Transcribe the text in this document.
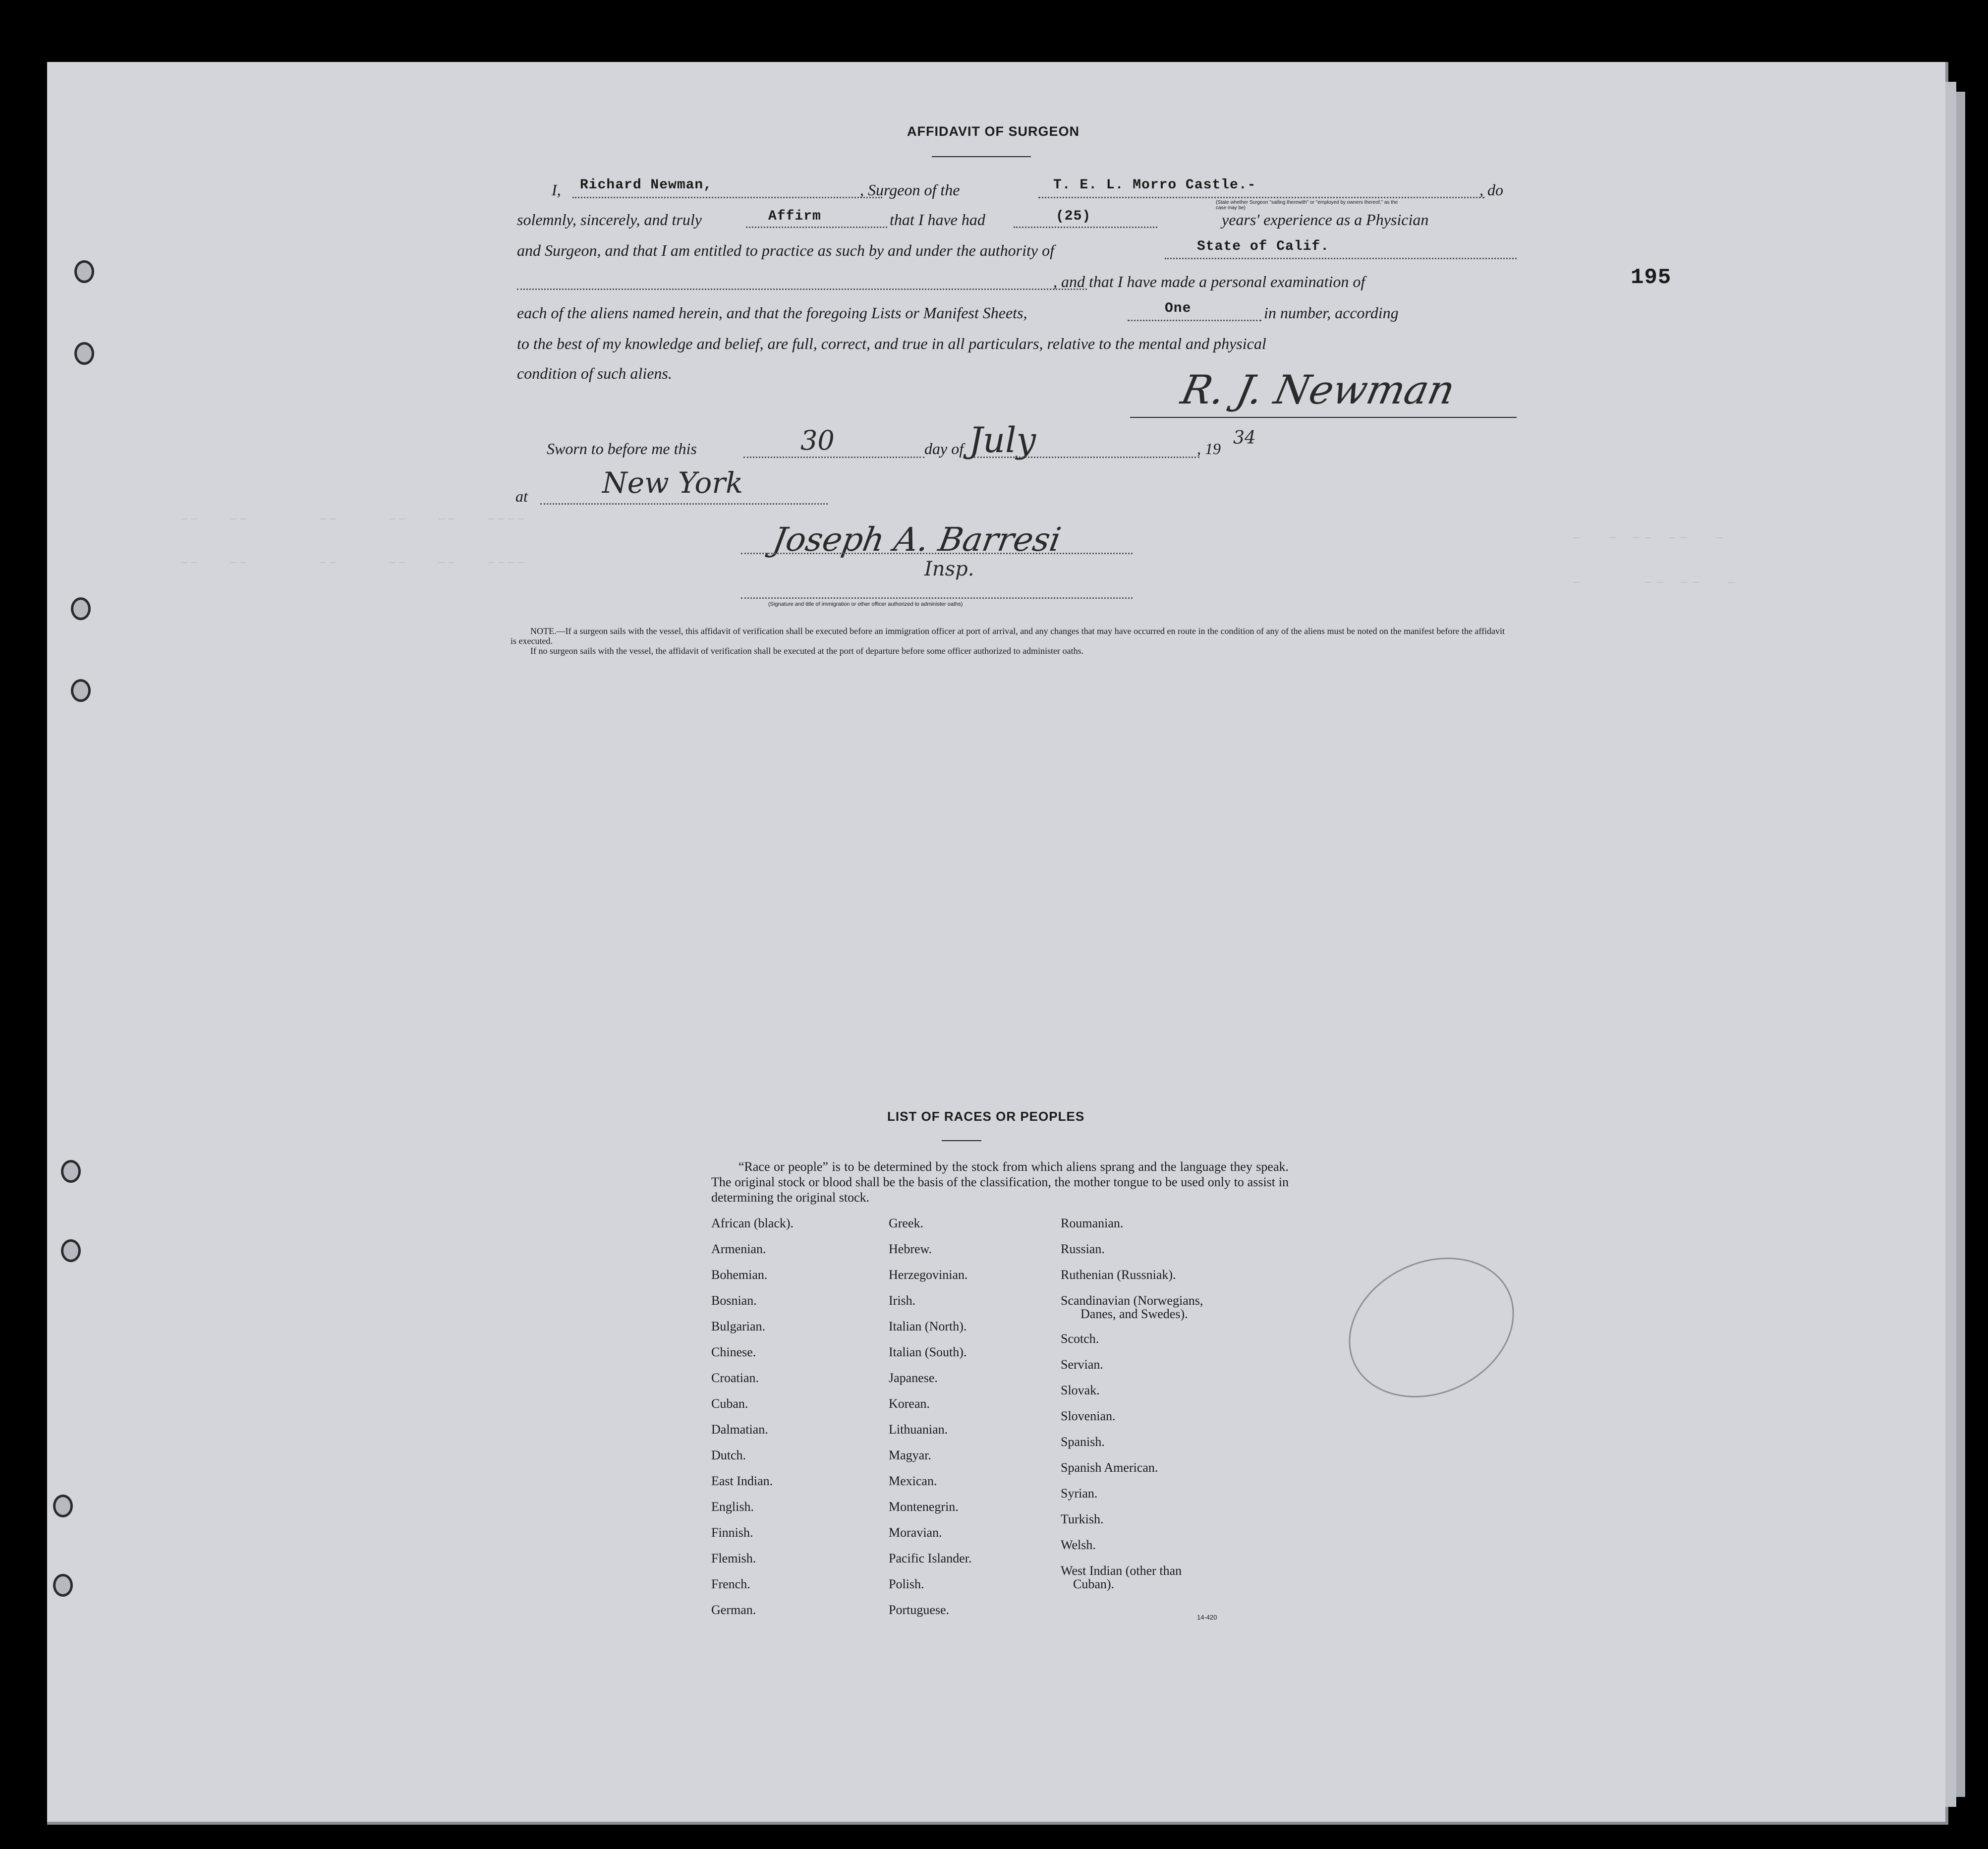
195
AFFIDAVIT OF SURGEON
I, Richard Newman,	, Surgeon of the	T. E. L. Morro Castle.-
(State whether Surgeon "sailing therewith" or "employed by owners thereof," as the case may be)
, do
solemnly, sincerely, and truly	Affirm	that I have had	(25)	years' experience as a Physician
and Surgeon, and that I am entitled to practice as such by and under the authority of	State of Calif.
, and that I have made a personal examination of
each of the aliens named herein, and that the foregoing Lists or Manifest Sheets,	One	in number, according
to the best of my knowledge and belief, are full, correct, and true in all particulars, relative to the mental and physical
condition of such aliens.	R. J. Newman
Sworn to before me this	30	day of July	, 19
34
at	New York
──   ──       ──     ──   ──   ────
──   ──       ──     ──   ──   ────
─  ─ ── ──  ─
─     ── ──  ─
Joseph A. Barresi
Insp.
(Signature and title of immigration or other officer authorized to administer oaths)
NOTE.—If a surgeon sails with the vessel, this affidavit of verification shall be executed before an immigration officer at port of arrival, and any changes that may have occurred en route in the condition of any of the aliens must be noted on the manifest before the affidavit is executed.
If no surgeon sails with the vessel, the affidavit of verification shall be executed at the port of departure before some officer authorized to administer oaths.
LIST OF RACES OR PEOPLES
“Race or people” is to be determined by the stock from which aliens sprang and the language they speak. The original stock or blood shall be the basis of the classification, the mother tongue to be used only to assist in determining the original stock.
African (black).
Armenian.
Bohemian.
Bosnian.
Bulgarian.
Chinese.
Croatian.
Cuban.
Dalmatian.
Dutch.
East Indian.
English.
Finnish.
Flemish.
French.
German.
Greek.
Hebrew.
Herzegovinian.
Irish.
Italian (North).
Italian (South).
Japanese.
Korean.
Lithuanian.
Magyar.
Mexican.
Montenegrin.
Moravian.
Pacific Islander.
Polish.
Portuguese.
Roumanian.
Russian.
Ruthenian (Russniak).
Scandinavian (Norwegians,
Danes, and Swedes).
Scotch.
Servian.
Slovak.
Slovenian.
Spanish.
Spanish American.
Syrian.
Turkish.
Welsh.
West Indian (other than
Cuban).
14-420
